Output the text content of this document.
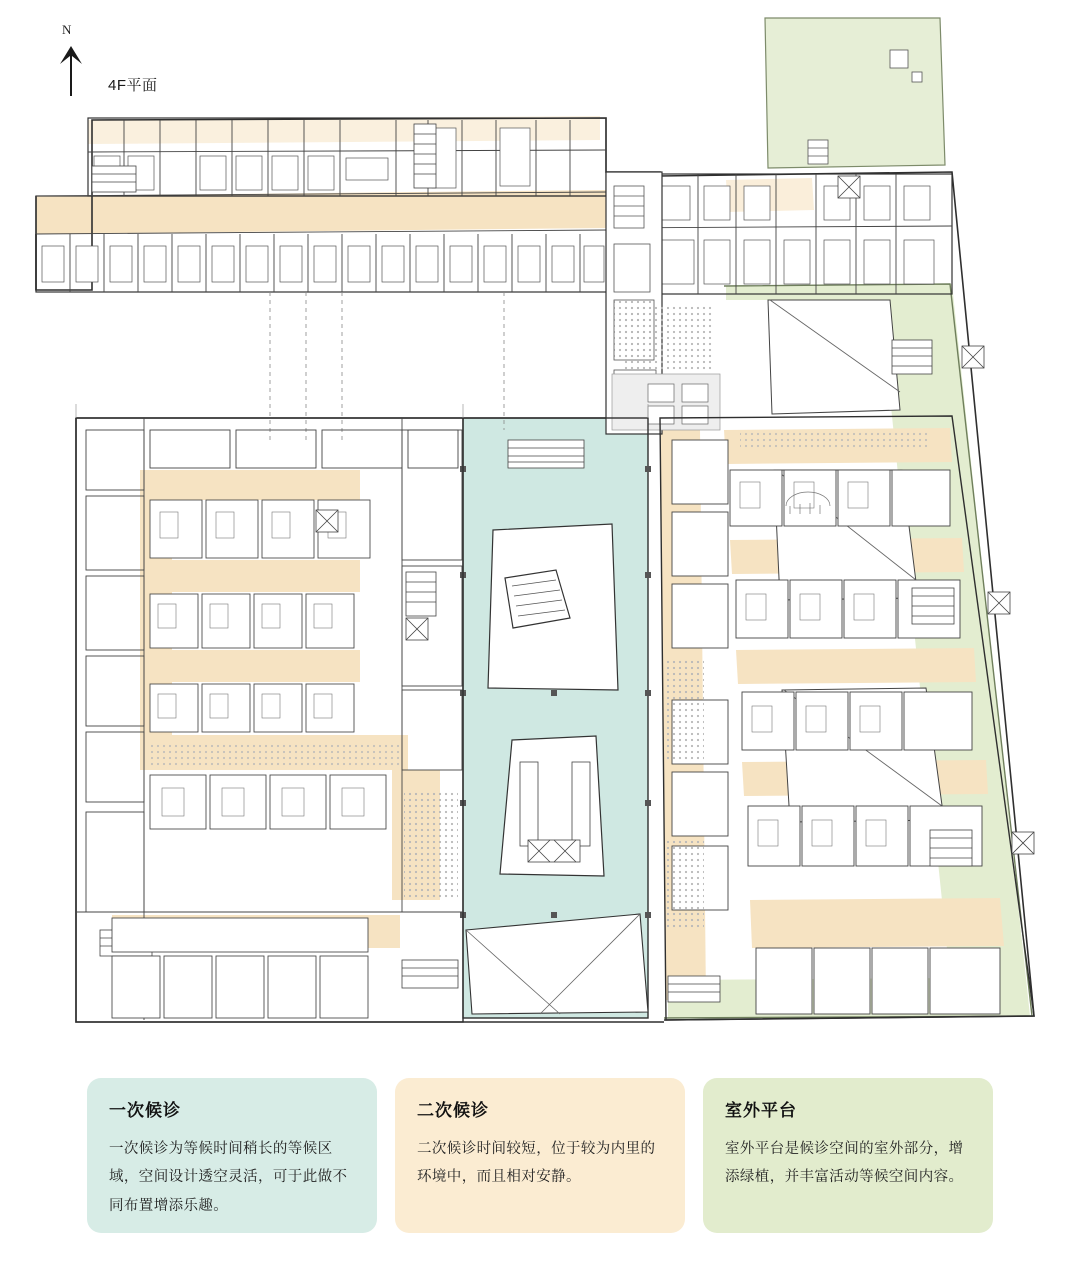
N
4F平面
一次候诊
一次候诊为等候时间稍长的等候区域，空间设计透空灵活，可于此做不同布置增添乐趣。
二次候诊
二次候诊时间较短，位于较为内里的环境中，而且相对安静。
室外平台
室外平台是候诊空间的室外部分，增添绿植，并丰富活动等候空间内容。
